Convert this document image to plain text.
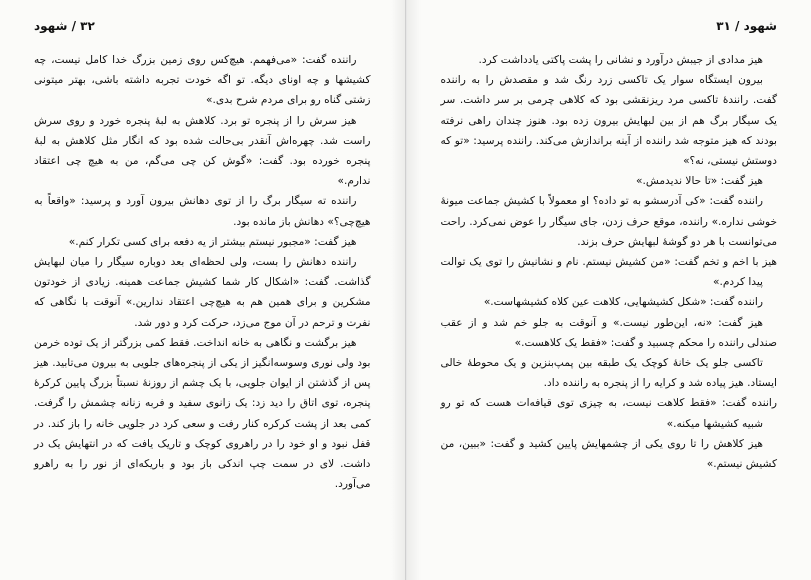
۳۲ / شهود

راننده گفت: «می‌فهمم. هیچ‌کس روی زمین بزرگ خدا کامل نیست، چه کشیشها و چه اونای دیگه. تو اگه خودت تجربه داشته باشی، بهتر میتونی زشتی گناه رو برای مردم شرح بدی.»

هیز سرش را از پنجره تو برد. کلاهش به لبهٔ پنجره خورد و روی سرش راست شد. چهره‌اش آنقدر بی‌حالت شده بود که انگار مثل کلاهش به لبهٔ پنجره خورده بود. گفت: «گوش کن چی می‌گم، من به هیچ چی اعتقاد ندارم.»

راننده ته سیگار برگ را از توی دهانش بیرون آورد و پرسید: «واقعاً به هیچ‌چی؟» دهانش باز مانده بود.

هیز گفت: «مجبور نیستم بیشتر از یه دفعه برای کسی تکرار کنم.»

راننده دهانش را بست، ولی لحظه‌ای بعد دوباره سیگار را میان لبهایش گذاشت. گفت: «اشکال کار شما کشیش جماعت همینه. زیادی از خودتون مشکرین و برای همین هم به هیچ‌چی اعتقاد ندارین.» آنوقت با نگاهی که نفرت و ترحم در آن موج می‌زد، حرکت کرد و دور شد.

هیز برگشت و نگاهی به خانه انداخت. فقط کمی بزرگتر از یک توده خرمن بود ولی نوری وسوسه‌انگیز از یکی از پنجره‌های جلویی به بیرون می‌تابید. هیز پس از گذشتن از ایوان جلویی، با یک چشم از روزنهٔ نسبتاً بزرگ پایین کرکرهٔ پنجره، توی اتاق را دید زد: یک زانوی سفید و فربه زنانه چشمش را گرفت. کمی بعد از پشت کرکره کنار رفت و سعی کرد در جلویی خانه را باز کند. در قفل نبود و او خود را در راهروی کوچک و تاریک یافت که در انتهایش یک در داشت. لای در سمت چپ اندکی باز بود و باریکه‌ای از نور را به راهرو می‌آورد.

شهود / ۳۱

هیز مدادی از جیبش درآورد و نشانی را پشت پاکتی یادداشت کرد.

بیرون ایستگاه سوار یک تاکسی زرد رنگ شد و مقصدش را به راننده گفت. راننده‌ٔ تاکسی مرد ریزنقشی بود که کلاهی چرمی بر سر داشت. سر یک سیگار برگ هم از بین لبهایش بیرون زده بود. هنوز چندان راهی نرفته بودند که هیز متوجه شد راننده از آینه براندازش می‌کند. راننده پرسید: «تو که دوستش نیستی، نه؟»

هیز گفت: «تا حالا ندیدمش.»

راننده گفت: «کی آدرسشو به تو داده؟ او معمولاً با کشیش جماعت میونهٔ خوشی نداره.» راننده، موقع حرف زدن، جای سیگار را عوض نمی‌کرد. راحت می‌توانست با هر دو گوشهٔ لبهایش حرف بزند.

هیز با اخم و تخم گفت: «من کشیش نیستم. نام و نشانیش را توی یک توالت پیدا کردم.»

راننده گفت: «شکل کشیشهایی، کلاهت عین کلاه کشیشهاست.»

هیز گفت: «نه، این‌طور نیست.» و آنوقت به جلو خم شد و از عقب صندلی راننده را محکم چسبید و گفت: «فقط یک کلاهست.»

تاکسی جلو یک خانهٔ کوچک یک طبقه بین پمپ‌بنزین و یک محوطهٔ خالی ایستاد. هیز پیاده شد و کرایه را از پنجره به راننده داد.

راننده گفت: «فقط کلاهت نیست، به چیزی توی قیافه‌ات هست که تو رو شبیه کشیشها میکنه.»

هیز کلاهش را تا روی یکی از چشمهایش پایین کشید و گفت: «ببین، من کشیش نیستم.»
